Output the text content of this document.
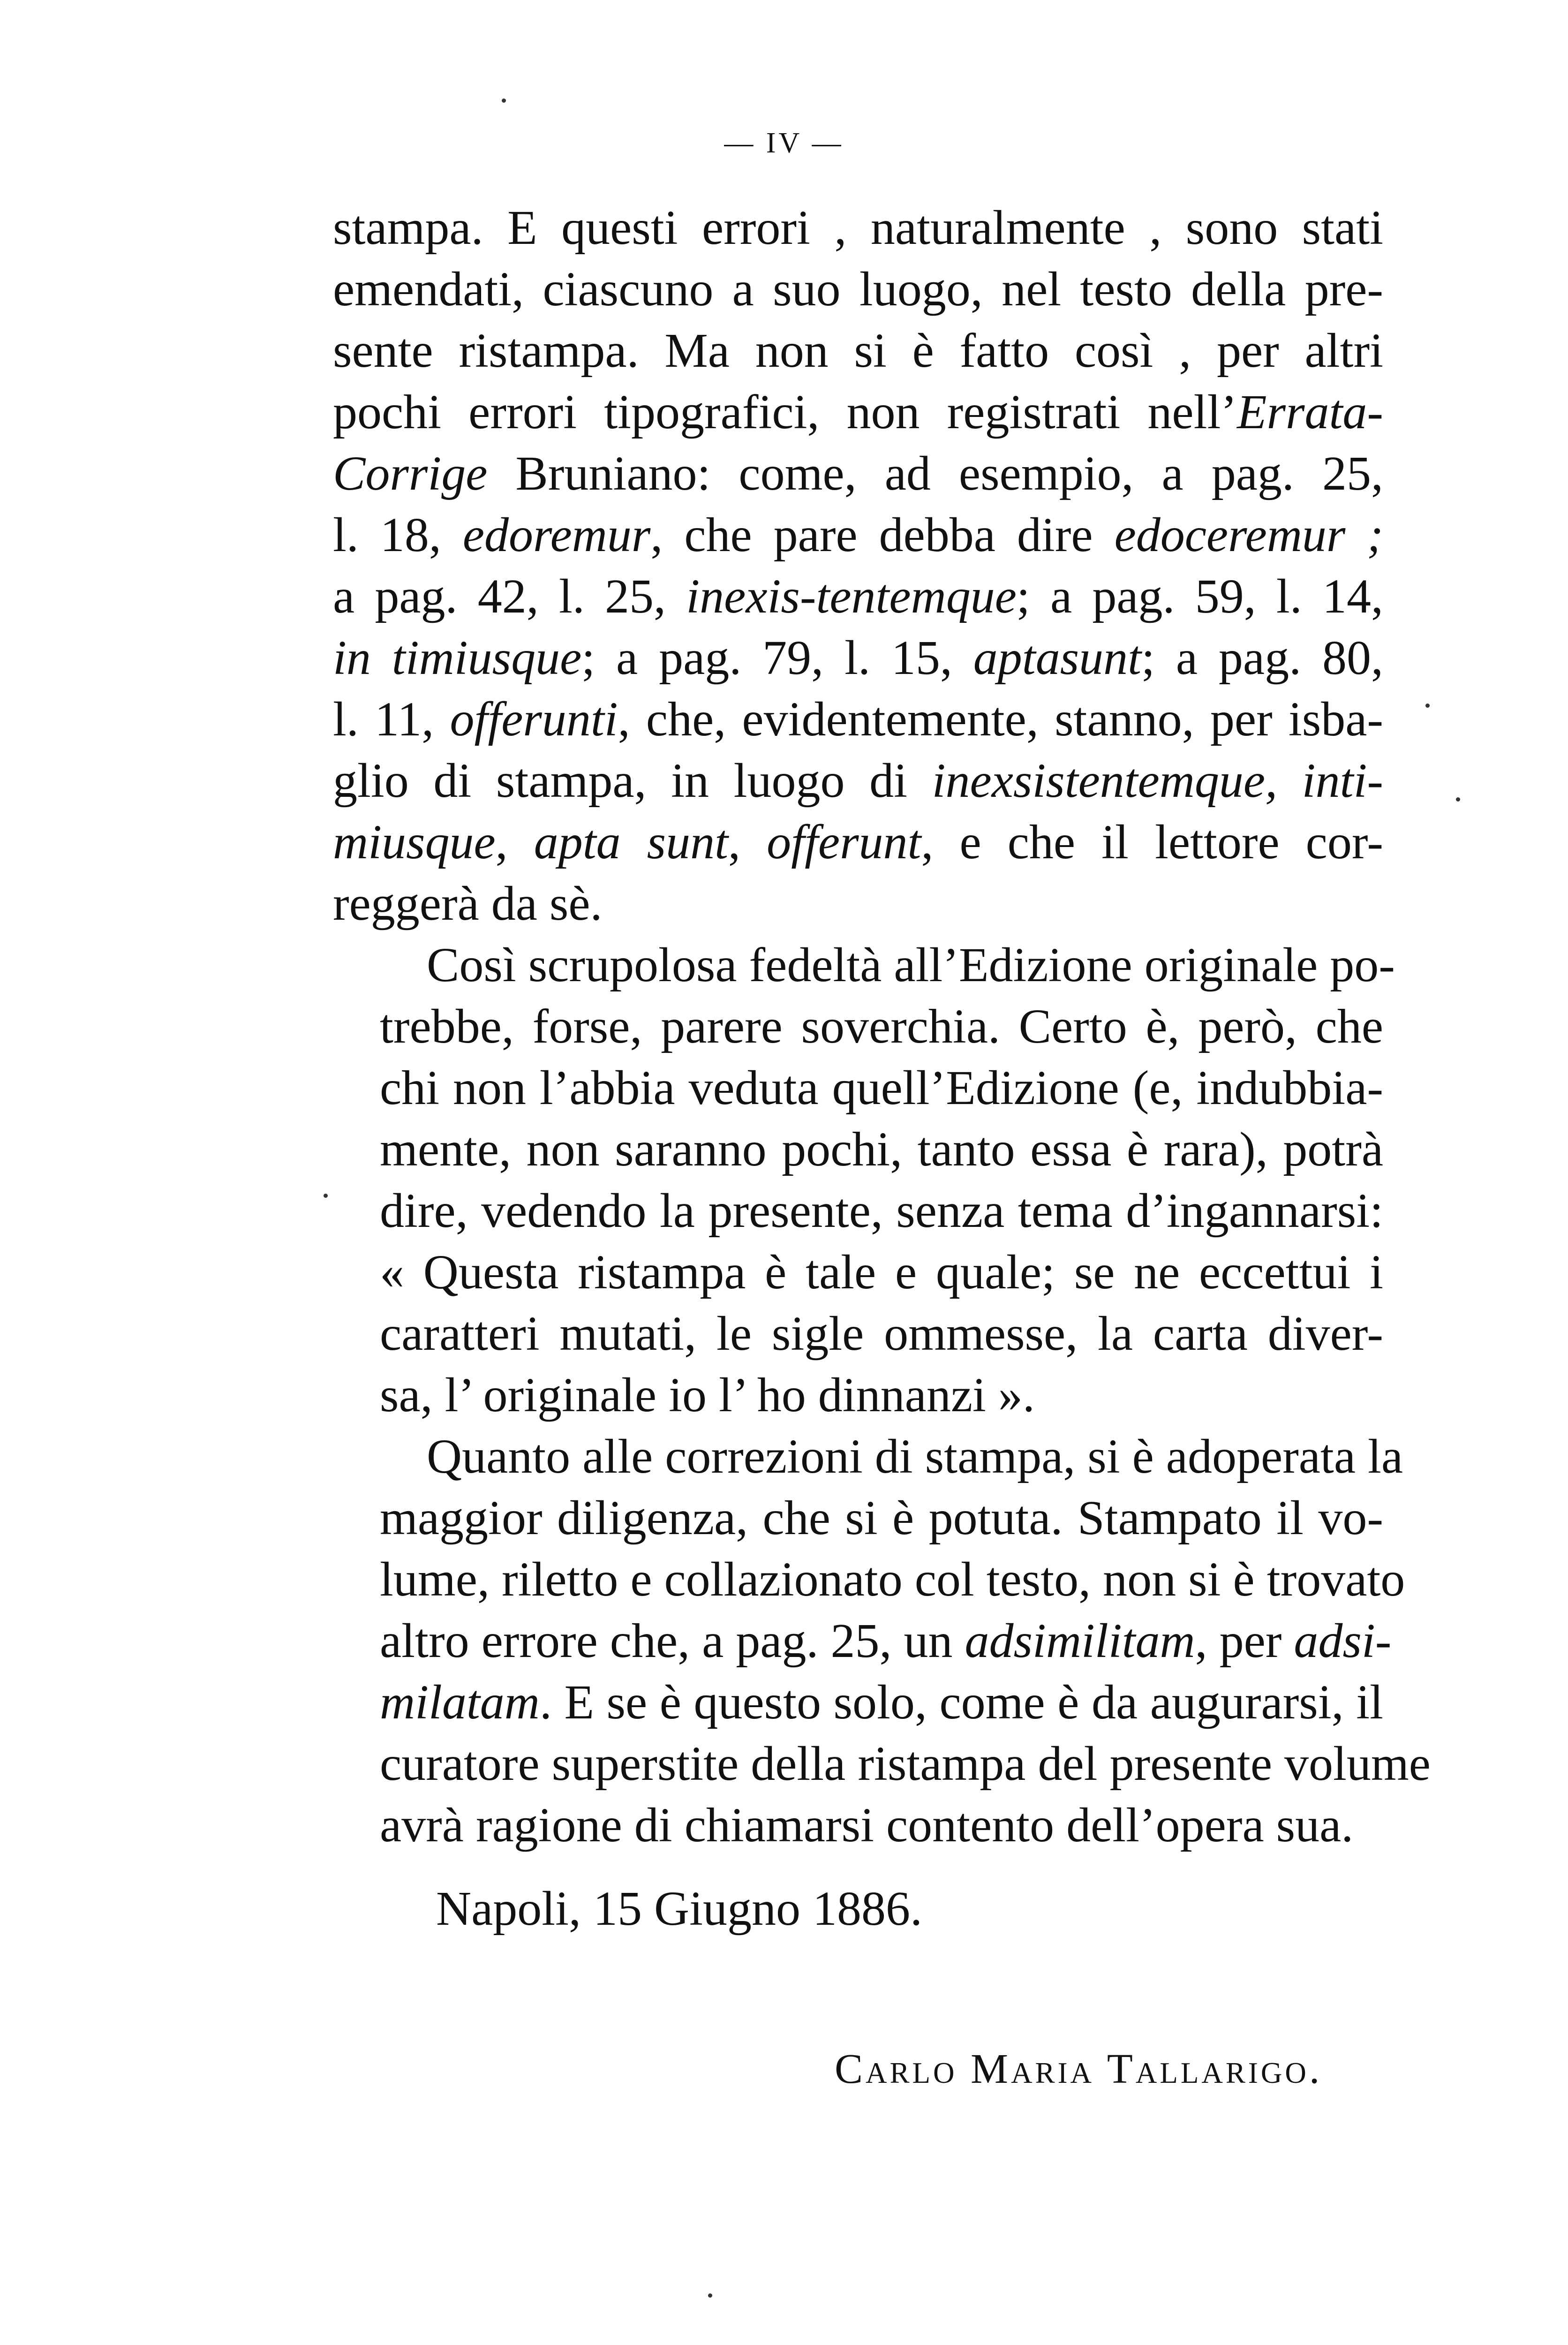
— IV —
stampa. E questi errori , naturalmente , sono stati
emendati, ciascuno a suo luogo, nel testo della pre-
sente ristampa. Ma non si è fatto così , per altri
pochi errori tipografici, non registrati nell’Errata-
Corrige Bruniano: come, ad esempio, a pag. 25,
l. 18, edoremur, che pare debba dire edoceremur ;
a pag. 42, l. 25, inexis-tentemque; a pag. 59, l. 14,
in timiusque; a pag. 79, l. 15, aptasunt; a pag. 80,
l. 11, offerunti, che, evidentemente, stanno, per isba-
glio di stampa, in luogo di inexsistentemque, inti-
miusque, apta sunt, offerunt, e che il lettore cor-
reggerà da sè.
Così scrupolosa fedeltà all’Edizione originale po-
trebbe, forse, parere soverchia. Certo è, però, che
chi non l’abbia veduta quell’Edizione (e, indubbia-
mente, non saranno pochi, tanto essa è rara), potrà
dire, vedendo la presente, senza tema d’ingannarsi:
« Questa ristampa è tale e quale; se ne eccettui i
caratteri mutati, le sigle ommesse, la carta diver-
sa, l’ originale io l’ ho dinnanzi ».
Quanto alle correzioni di stampa, si è adoperata la
maggior diligenza, che si è potuta. Stampato il vo-
lume, riletto e collazionato col testo, non si è trovato
altro errore che, a pag. 25, un adsimilitam, per adsi-
milatam. E se è questo solo, come è da augurarsi, il
curatore superstite della ristampa del presente volume
avrà ragione di chiamarsi contento dell’opera sua.
Napoli, 15 Giugno 1886.
Carlo Maria Tallarigo.
